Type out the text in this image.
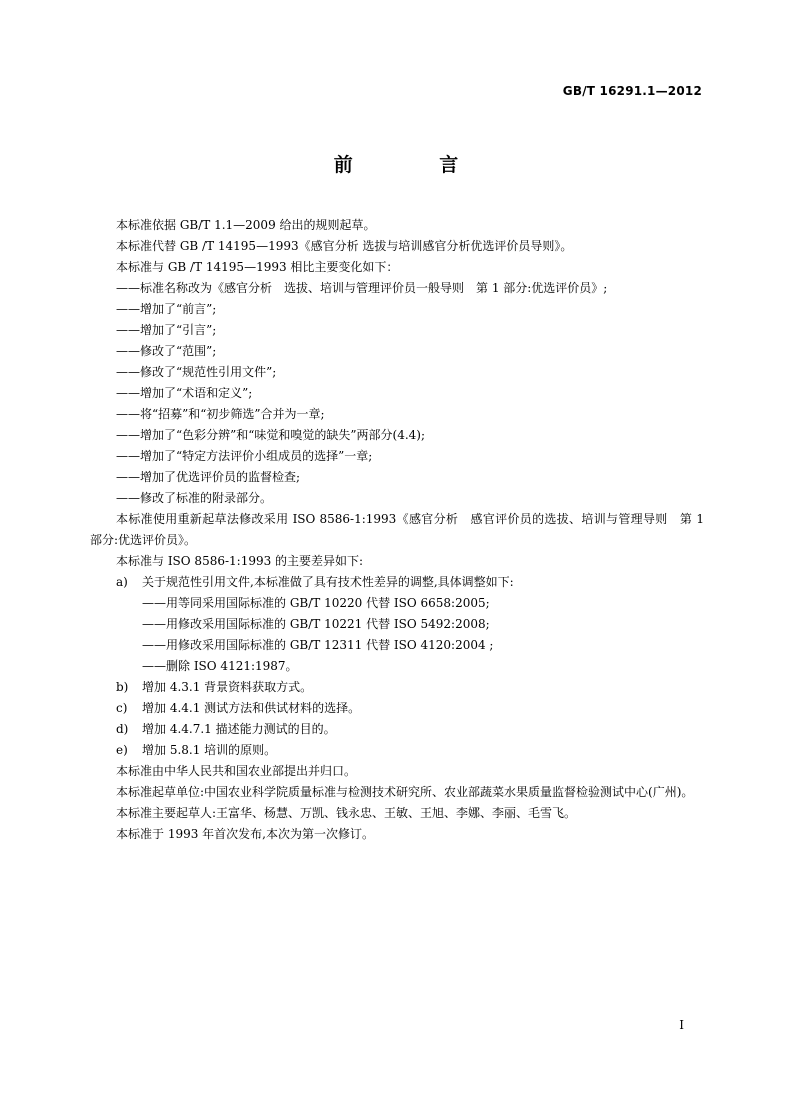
GB/T 16291.1—2012
前 言

本标准依据 GB/T 1.1—2009 给出的规则起草。

本标准代替 GB /T 14195—1993《感官分析 选拔与培训感官分析优选评价员导则》。

本标准与 GB /T 14195—1993 相比主要变化如下：

——标准名称改为《感官分析　选拔、培训与管理评价员一般导则　第 1 部分:优选评价员》;

——增加了“前言”;

——增加了“引言”;

——修改了“范围”;

——修改了“规范性引用文件”;

——增加了“术语和定义”;

——将“招募”和“初步筛选”合并为一章;

——增加了“色彩分辨”和“味觉和嗅觉的缺失”两部分(4.4);

——增加了“特定方法评价小组成员的选择”一章;

——增加了优选评价员的监督检查;

——修改了标准的附录部分。

本标准使用重新起草法修改采用 ISO 8586-1:1993《感官分析　感官评价员的选拔、培训与管理导则　第 1 部分:优选评价员》。

本标准与 ISO 8586-1:1993 的主要差异如下:

a) 关于规范性引用文件,本标准做了具有技术性差异的调整,具体调整如下:

——用等同采用国际标准的 GB/T 10220 代替 ISO 6658:2005;

——用修改采用国际标准的 GB/T 10221 代替 ISO 5492:2008;

——用修改采用国际标准的 GB/T 12311 代替 ISO 4120:2004 ;

——删除 ISO 4121:1987。

b) 增加 4.3.1 背景资料获取方式。

c) 增加 4.4.1 测试方法和供试材料的选择。

d) 增加 4.4.7.1 描述能力测试的目的。

e) 增加 5.8.1 培训的原则。

本标准由中华人民共和国农业部提出并归口。

本标准起草单位:中国农业科学院质量标准与检测技术研究所、农业部蔬菜水果质量监督检验测试中心(广州)。

本标准主要起草人:王富华、杨慧、万凯、钱永忠、王敏、王旭、李娜、李丽、毛雪飞。

本标准于 1993 年首次发布,本次为第一次修订。

I
